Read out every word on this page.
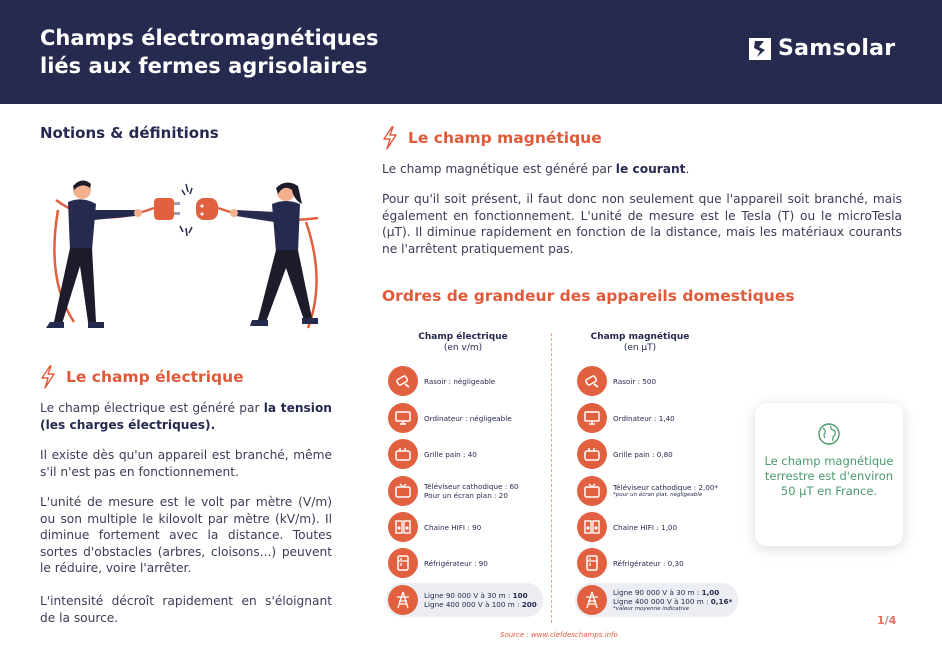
Champs électromagnétiques
liés aux fermes agrisolaires
Samsolar
Notions & définitions
Le champ électrique
Le champ électrique est généré par la tension (les charges électriques).
Il existe dès qu'un appareil est branché, même s'il n'est pas en fonctionnement.
L'unité de mesure est le volt par mètre (V/m) ou son multiple le kilovolt par mètre (kV/m). Il diminue fortement avec la distance. Toutes sortes d'obstacles (arbres, cloisons...) peuvent le réduire, voire l'arrêter.
L'intensité décroît rapidement en s'éloignant de la source.
Le champ magnétique
Le champ magnétique est généré par le courant.
Pour qu'il soit présent, il faut donc non seulement que l'appareil soit branché, mais également en fonctionnement. L'unité de mesure est le Tesla (T) ou le microTesla (µT). Il diminue rapidement en fonction de la distance, mais les matériaux courants ne l'arrêtent pratiquement pas.
Ordres de grandeur des appareils domestiques
Champ électrique
(en v/m)
Champ magnétique
(en µT)
Rasoir : négligeable
Ordinateur : négligeable
Grille pain : 40
Téléviseur cathodique : 60
Pour un écran plan : 20
Chaine HIFI : 90
Réfrigérateur : 90
Ligne 90 000 V à 30 m : 100
Ligne 400 000 V à 100 m : 200
Rasoir : 500
Ordinateur : 1,40
Grille pain : 0,80
Téléviseur cathodique : 2,00*
*pour un écran plat, négligeable
Chaine HIFI : 1,00
Réfrigérateur : 0,30
Ligne 90 000 V à 30 m : 1,00
Ligne 400 000 V à 100 m : 0,16*
*valeur moyenne indicative
Le champ magnétique terrestre est d'environ 50 µT en France.
Source : www.clefdeschamps.info
1/4
